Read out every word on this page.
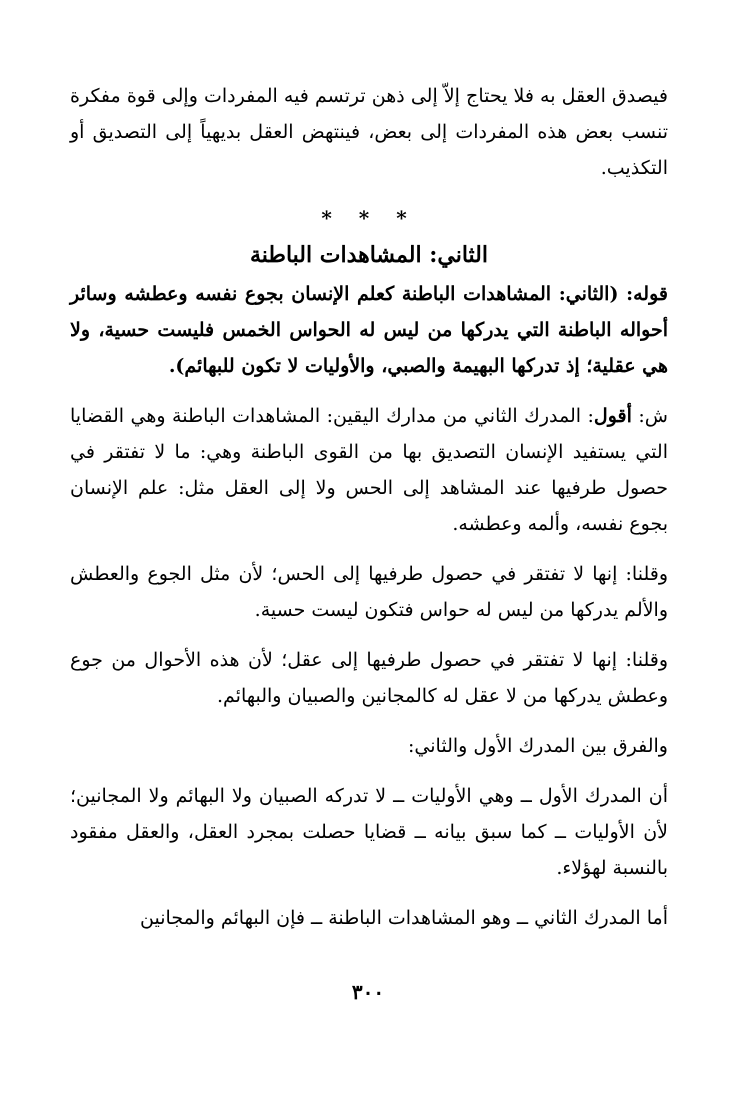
فيصدق العقل به فلا يحتاج إلاّ إلى ذهن ترتسم فيه المفردات وإلى قوة مفكرة تنسب بعض هذه المفردات إلى بعض، فينتهض العقل بديهياً إلى التصديق أو التكذيب.

* * *
الثاني: المشاهدات الباطنة

قوله: (الثاني: المشاهدات الباطنة كعلم الإنسان بجوع نفسه وعطشه وسائر أحواله الباطنة التي يدركها من ليس له الحواس الخمس فليست حسية، ولا هي عقلية؛ إذ تدركها البهيمة والصبي، والأوليات لا تكون للبهائم).

ش: أقول: المدرك الثاني من مدارك اليقين: المشاهدات الباطنة وهي القضايا التي يستفيد الإنسان التصديق بها من القوى الباطنة وهي: ما لا تفتقر في حصول طرفيها عند المشاهد إلى الحس ولا إلى العقل مثل: علم الإنسان بجوع نفسه، وألمه وعطشه.

وقلنا: إنها لا تفتقر في حصول طرفيها إلى الحس؛ لأن مثل الجوع والعطش والألم يدركها من ليس له حواس فتكون ليست حسية.

وقلنا: إنها لا تفتقر في حصول طرفيها إلى عقل؛ لأن هذه الأحوال من جوع وعطش يدركها من لا عقل له كالمجانين والصبيان والبهائم.

والفرق بين المدرك الأول والثاني:

أن المدرك الأول ــ وهي الأوليات ــ لا تدركه الصبيان ولا البهائم ولا المجانين؛ لأن الأوليات ــ كما سبق بيانه ــ قضايا حصلت بمجرد العقل، والعقل مفقود بالنسبة لهؤلاء.

أما المدرك الثاني ــ وهو المشاهدات الباطنة ــ فإن البهائم والمجانين

٣٠٠
